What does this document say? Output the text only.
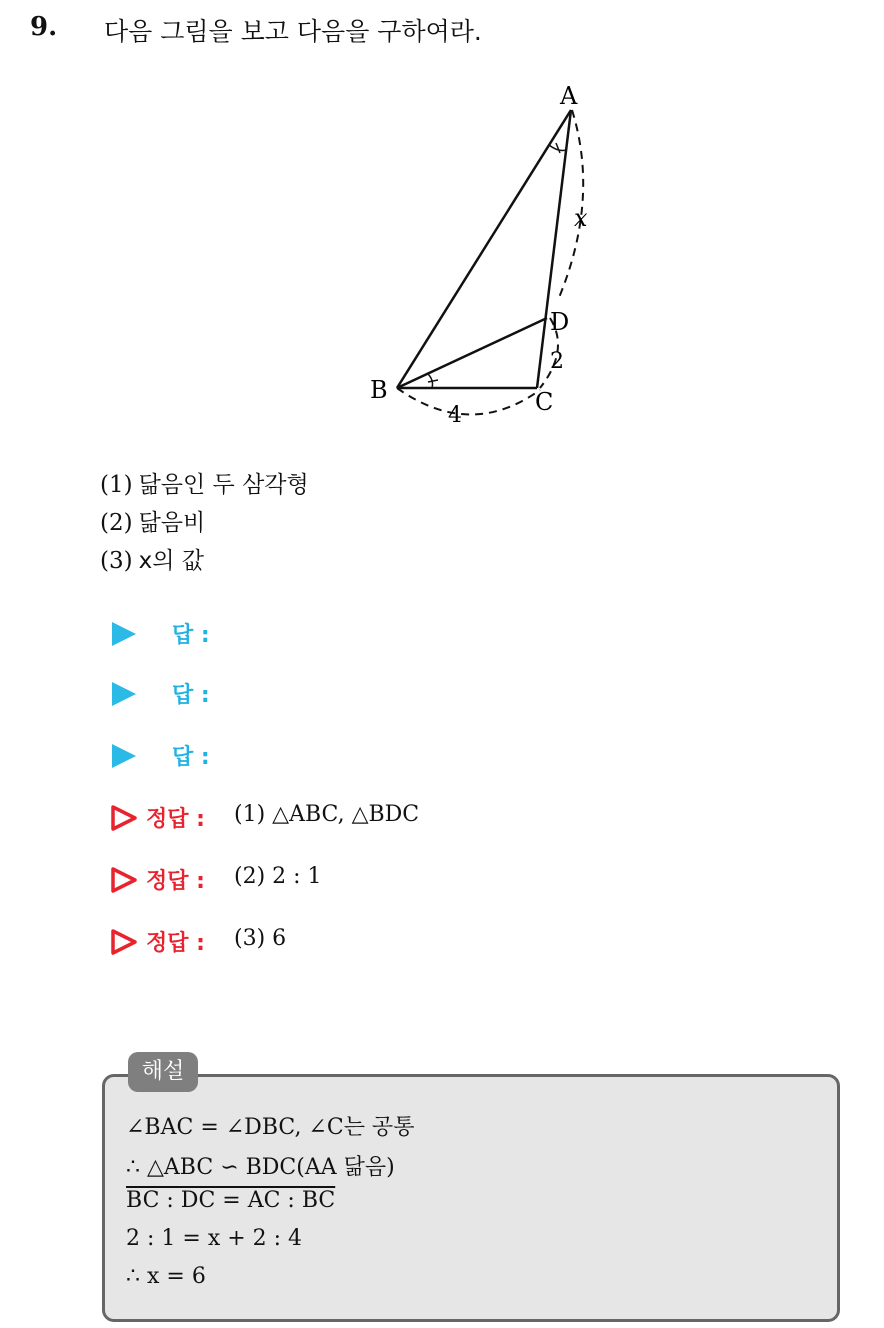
9. 다음 그림을 보고 다음을 구하여라.
A
B	C
D
x
2
4
(1) 닮음인 두 삼각형
(2) 닮음비
(3) x의 값
답 :
답 :
답 :
정답 : (1) △ABC, △BDC
정답 : (2) 2 : 1
정답 : (3) 6
해설
∠BAC = ∠DBC, ∠C는 공통
∴ △ABC ∽ BDC(AA 닮음)
BC : DC = AC : BC
2 : 1 = x + 2 : 4
∴ x = 6
